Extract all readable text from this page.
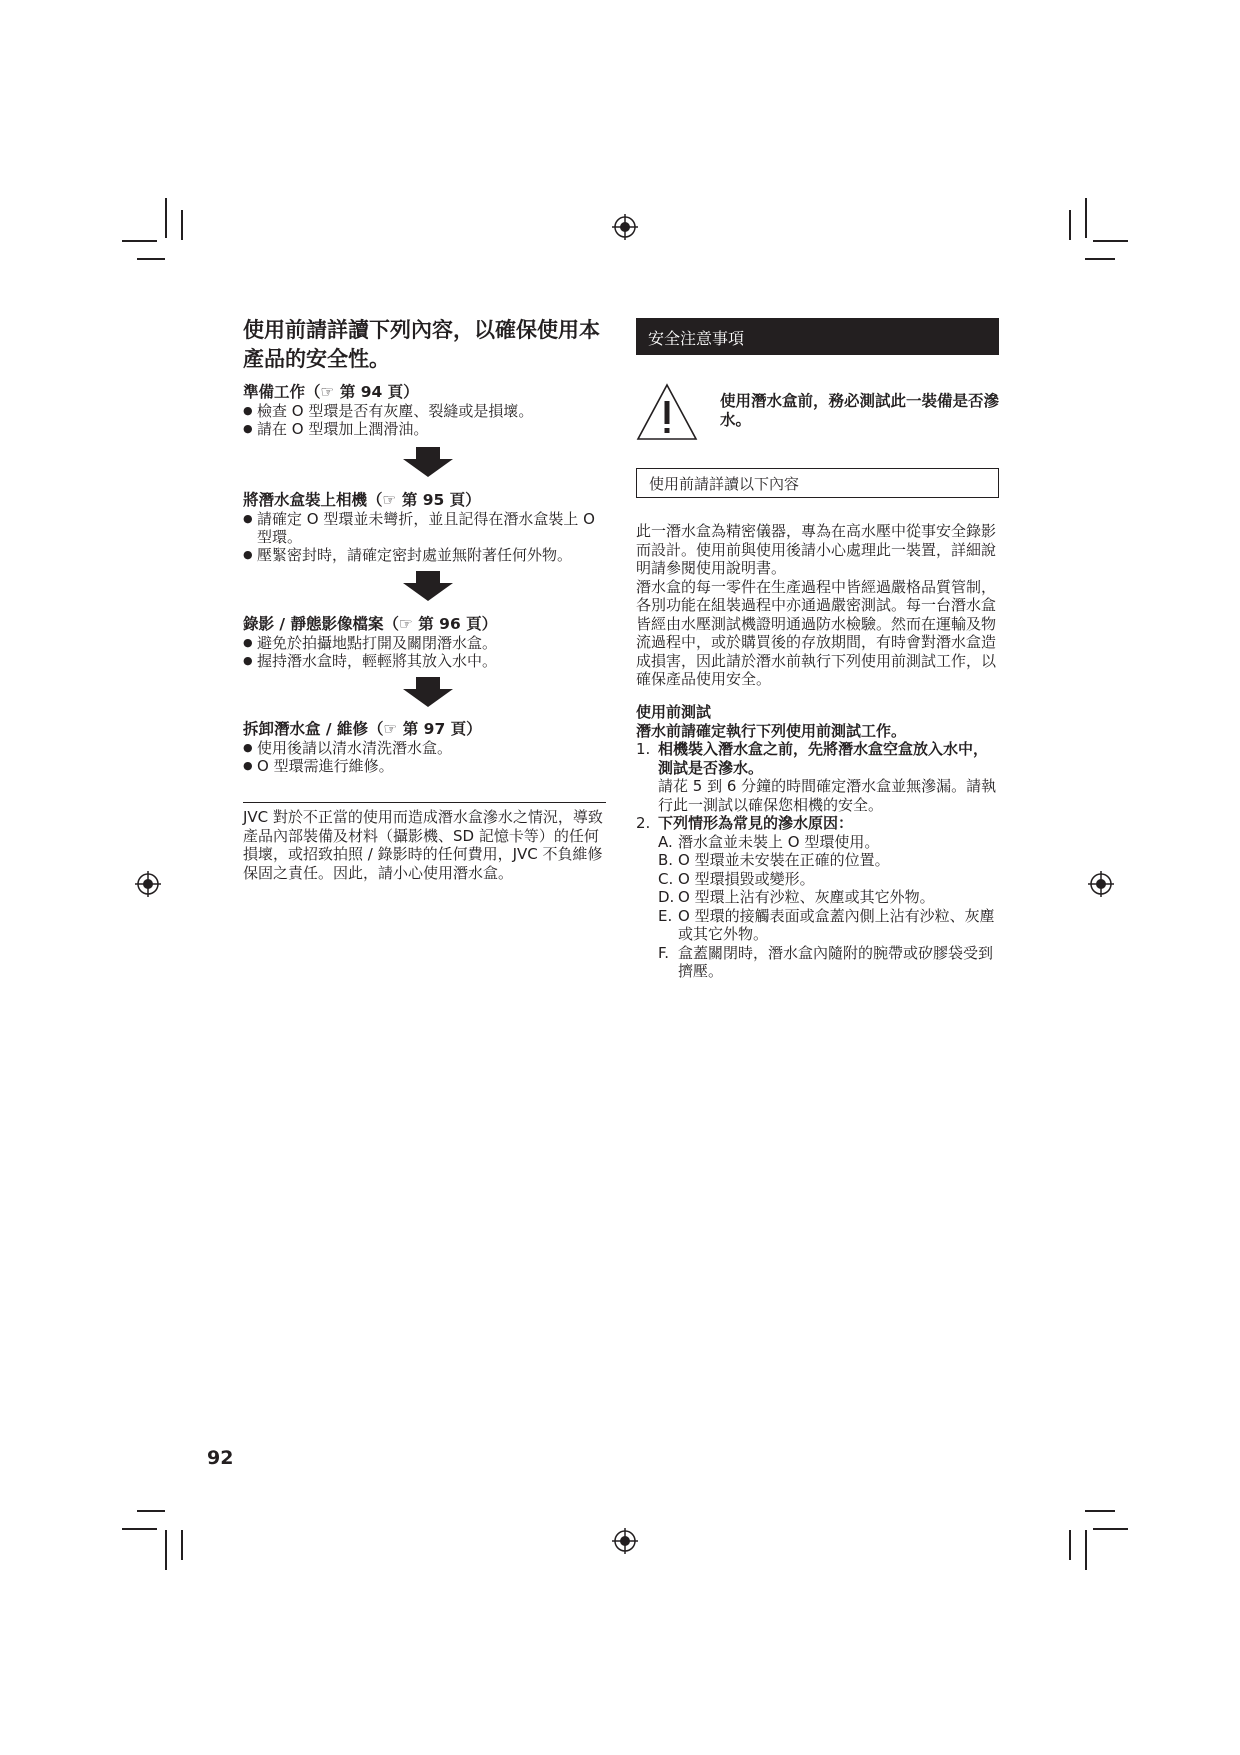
使用前請詳讀下列內容，以確保使用本產品的安全性。
準備工作（☞ 第 94 頁）
● 檢查 O 型環是否有灰塵、裂縫或是損壞。
● 請在 O 型環加上潤滑油。
將潛水盒裝上相機（☞ 第 95 頁）
● 請確定 O 型環並未彎折，並且記得在潛水盒裝上 O 型環。
● 壓緊密封時，請確定密封處並無附著任何外物。
錄影 / 靜態影像檔案（☞ 第 96 頁）
● 避免於拍攝地點打開及關閉潛水盒。
● 握持潛水盒時，輕輕將其放入水中。
拆卸潛水盒 / 維修（☞ 第 97 頁）
● 使用後請以清水清洗潛水盒。
● O 型環需進行維修。
JVC 對於不正當的使用而造成潛水盒滲水之情況，導致產品內部裝備及材料（攝影機、SD 記憶卡等）的任何損壞，或招致拍照 / 錄影時的任何費用，JVC 不負維修保固之責任。因此，請小心使用潛水盒。
安全注意事項
使用潛水盒前，務必測試此一裝備是否滲水。
使用前請詳讀以下內容
此一潛水盒為精密儀器，專為在高水壓中從事安全錄影而設計。使用前與使用後請小心處理此一裝置，詳細說明請參閱使用說明書。
潛水盒的每一零件在生產過程中皆經過嚴格品質管制，各別功能在組裝過程中亦通過嚴密測試。每一台潛水盒皆經由水壓測試機證明通過防水檢驗。然而在運輸及物流過程中，或於購買後的存放期間，有時會對潛水盒造成損害，因此請於潛水前執行下列使用前測試工作，以確保產品使用安全。
使用前測試
潛水前請確定執行下列使用前測試工作。
1. 相機裝入潛水盒之前，先將潛水盒空盒放入水中，測試是否滲水。
請花 5 到 6 分鐘的時間確定潛水盒並無滲漏。請執行此一測試以確保您相機的安全。
2. 下列情形為常見的滲水原因：
A. 潛水盒並未裝上 O 型環使用。
B. O 型環並未安裝在正確的位置。
C. O 型環損毀或變形。
D. O 型環上沾有沙粒、灰塵或其它外物。
E. O 型環的接觸表面或盒蓋內側上沾有沙粒、灰塵或其它外物。
F. 盒蓋關閉時，潛水盒內隨附的腕帶或矽膠袋受到擠壓。
92
